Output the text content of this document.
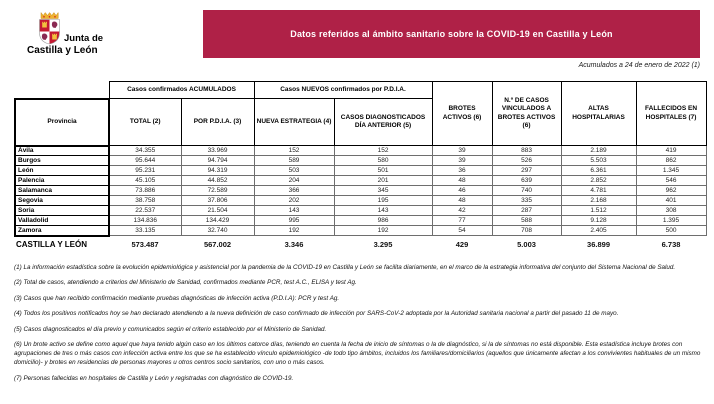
Junta de
Castilla y León
Datos referidos al ámbito sanitario sobre la COVID-19 en Castilla y León
Acumulados a 24 de enero de 2022 (1)
	Casos confirmados ACUMULADOS		Casos NUEVOS confirmados por P.D.I.A.		BROTES ACTIVOS (6)	N.º DE CASOS VINCULADOS A BROTES ACTIVOS (6)	ALTAS HOSPITALARIAS	FALLECIDOS EN HOSPITALES (7)
Provincia	TOTAL (2)	POR P.D.I.A. (3)	NUEVA ESTRATEGIA (4)	CASOS DIAGNOSTICADOS DÍA ANTERIOR (5)				
Ávila	34.355	33.969	152	152	39	883	2.189	419
Burgos	95.644	94.794	589	580	39	526	5.503	862
León	95.231	94.319	503	501	36	297	6.361	1.345
Palencia	45.105	44.852	204	201	48	639	2.852	546
Salamanca	73.886	72.589	366	345	46	740	4.781	962
Segovia	38.758	37.806	202	195	48	335	2.168	401
Soria	22.537	21.504	143	143	42	287	1.512	308
Valladolid	134.836	134.429	995	986	77	588	9.128	1.395
Zamora	33.135	32.740	192	192	54	708	2.405	500
CASTILLA Y LEÓN	573.487	567.002	3.346	3.295	429	5.003	36.899	6.738

(1) La información estadística sobre la evolución epidemiológica y asistencial por la pandemia de la COVID-19 en Castilla y León se facilita diariamente, en el marco de la estrategia informativa del conjunto del Sistema Nacional de Salud.

(2) Total de casos, atendiendo a criterios del Ministerio de Sanidad, confirmados mediante PCR, test A.C., ELISA y test Ag.

(3) Casos que han recibido confirmación mediante pruebas diagnósticas de infección activa (P.D.I.A): PCR y test Ag.

(4) Todos los positivos notificados hoy se han declarado atendiendo a la nueva definición de caso confirmado de infección por SARS-CoV-2 adoptada por la Autoridad sanitaria nacional a partir del pasado 11 de mayo.

(5) Casos diagnosticados el día previo y comunicados según el criterio establecido por el Ministerio de Sanidad.

(6) Un brote activo se define como aquel que haya tenido algún caso en los últimos catorce días, teniendo en cuenta la fecha de inicio de síntomas o la de diagnóstico, si la de síntomas no está disponible. Esta estadística incluye brotes con agrupaciones de tres o más casos con infección activa entre los que se ha establecido vínculo epidemiológico -de todo tipo ámbitos, incluidos los familiares/domiciliarios (aquellos que únicamente afectan a los convivientes habituales de un mismo domicilio)- y brotes en residencias de personas mayores u otros centros socio sanitarios, con uno o más casos.

(7) Personas fallecidas en hospitales de Castilla y León y registradas con diagnóstico de COVID-19.
